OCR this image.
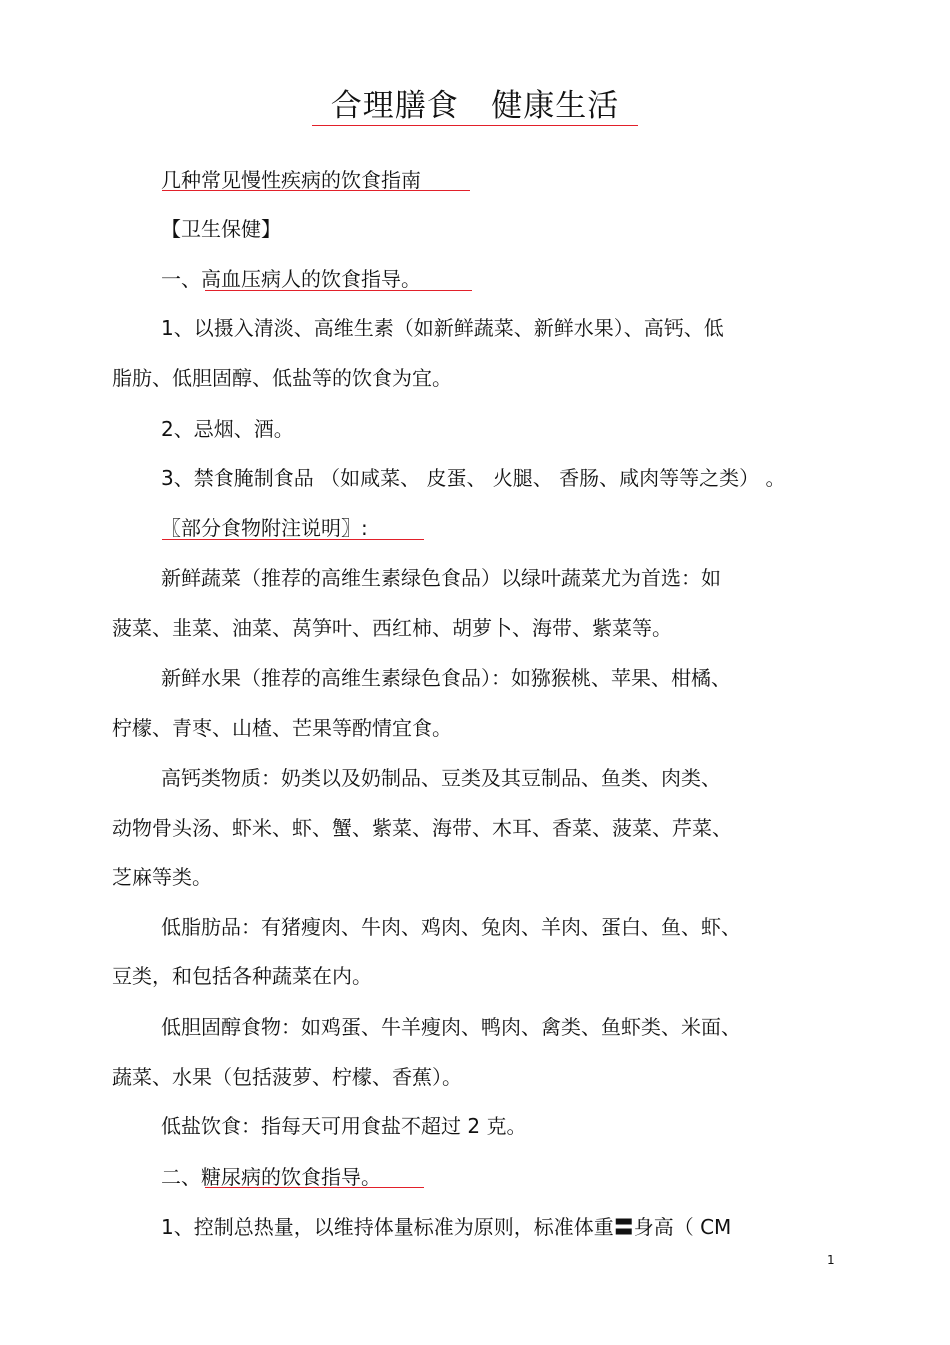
合理膳食   健康生活
几种常见慢性疾病的饮食指南
【卫生保健】
一、高血压病人的饮食指导。
1、以摄入清淡、高维生素（如新鲜蔬菜、新鲜水果）、高钙、低
脂肪、低胆固醇、低盐等的饮食为宜。
2、忌烟、酒。
3、禁食腌制食品 （如咸菜、 皮蛋、 火腿、 香肠、咸肉等等之类） 。
〖部分食物附注说明〗:
新鲜蔬菜（推荐的高维生素绿色食品）以绿叶蔬菜尤为首选：如
菠菜、韭菜、油菜、莴笋叶、西红柿、胡萝卜、海带、紫菜等。
新鲜水果（推荐的高维生素绿色食品）：如猕猴桃、苹果、柑橘、
柠檬、青枣、山楂、芒果等酌情宜食。
高钙类物质：奶类以及奶制品、豆类及其豆制品、鱼类、肉类、
动物骨头汤、虾米、虾、蟹、紫菜、海带、木耳、香菜、菠菜、芹菜、
芝麻等类。
低脂肪品：有猪瘦肉、牛肉、鸡肉、兔肉、羊肉、蛋白、鱼、虾、
豆类，和包括各种蔬菜在内。
低胆固醇食物：如鸡蛋、牛羊瘦肉、鸭肉、禽类、鱼虾类、米面、
蔬菜、水果（包括菠萝、柠檬、香蕉）。
低盐饮食：指每天可用食盐不超过 2 克。
二、糖尿病的饮食指导。
1、控制总热量，以维持体量标准为原则，标准体重〓身高（ CM
1
